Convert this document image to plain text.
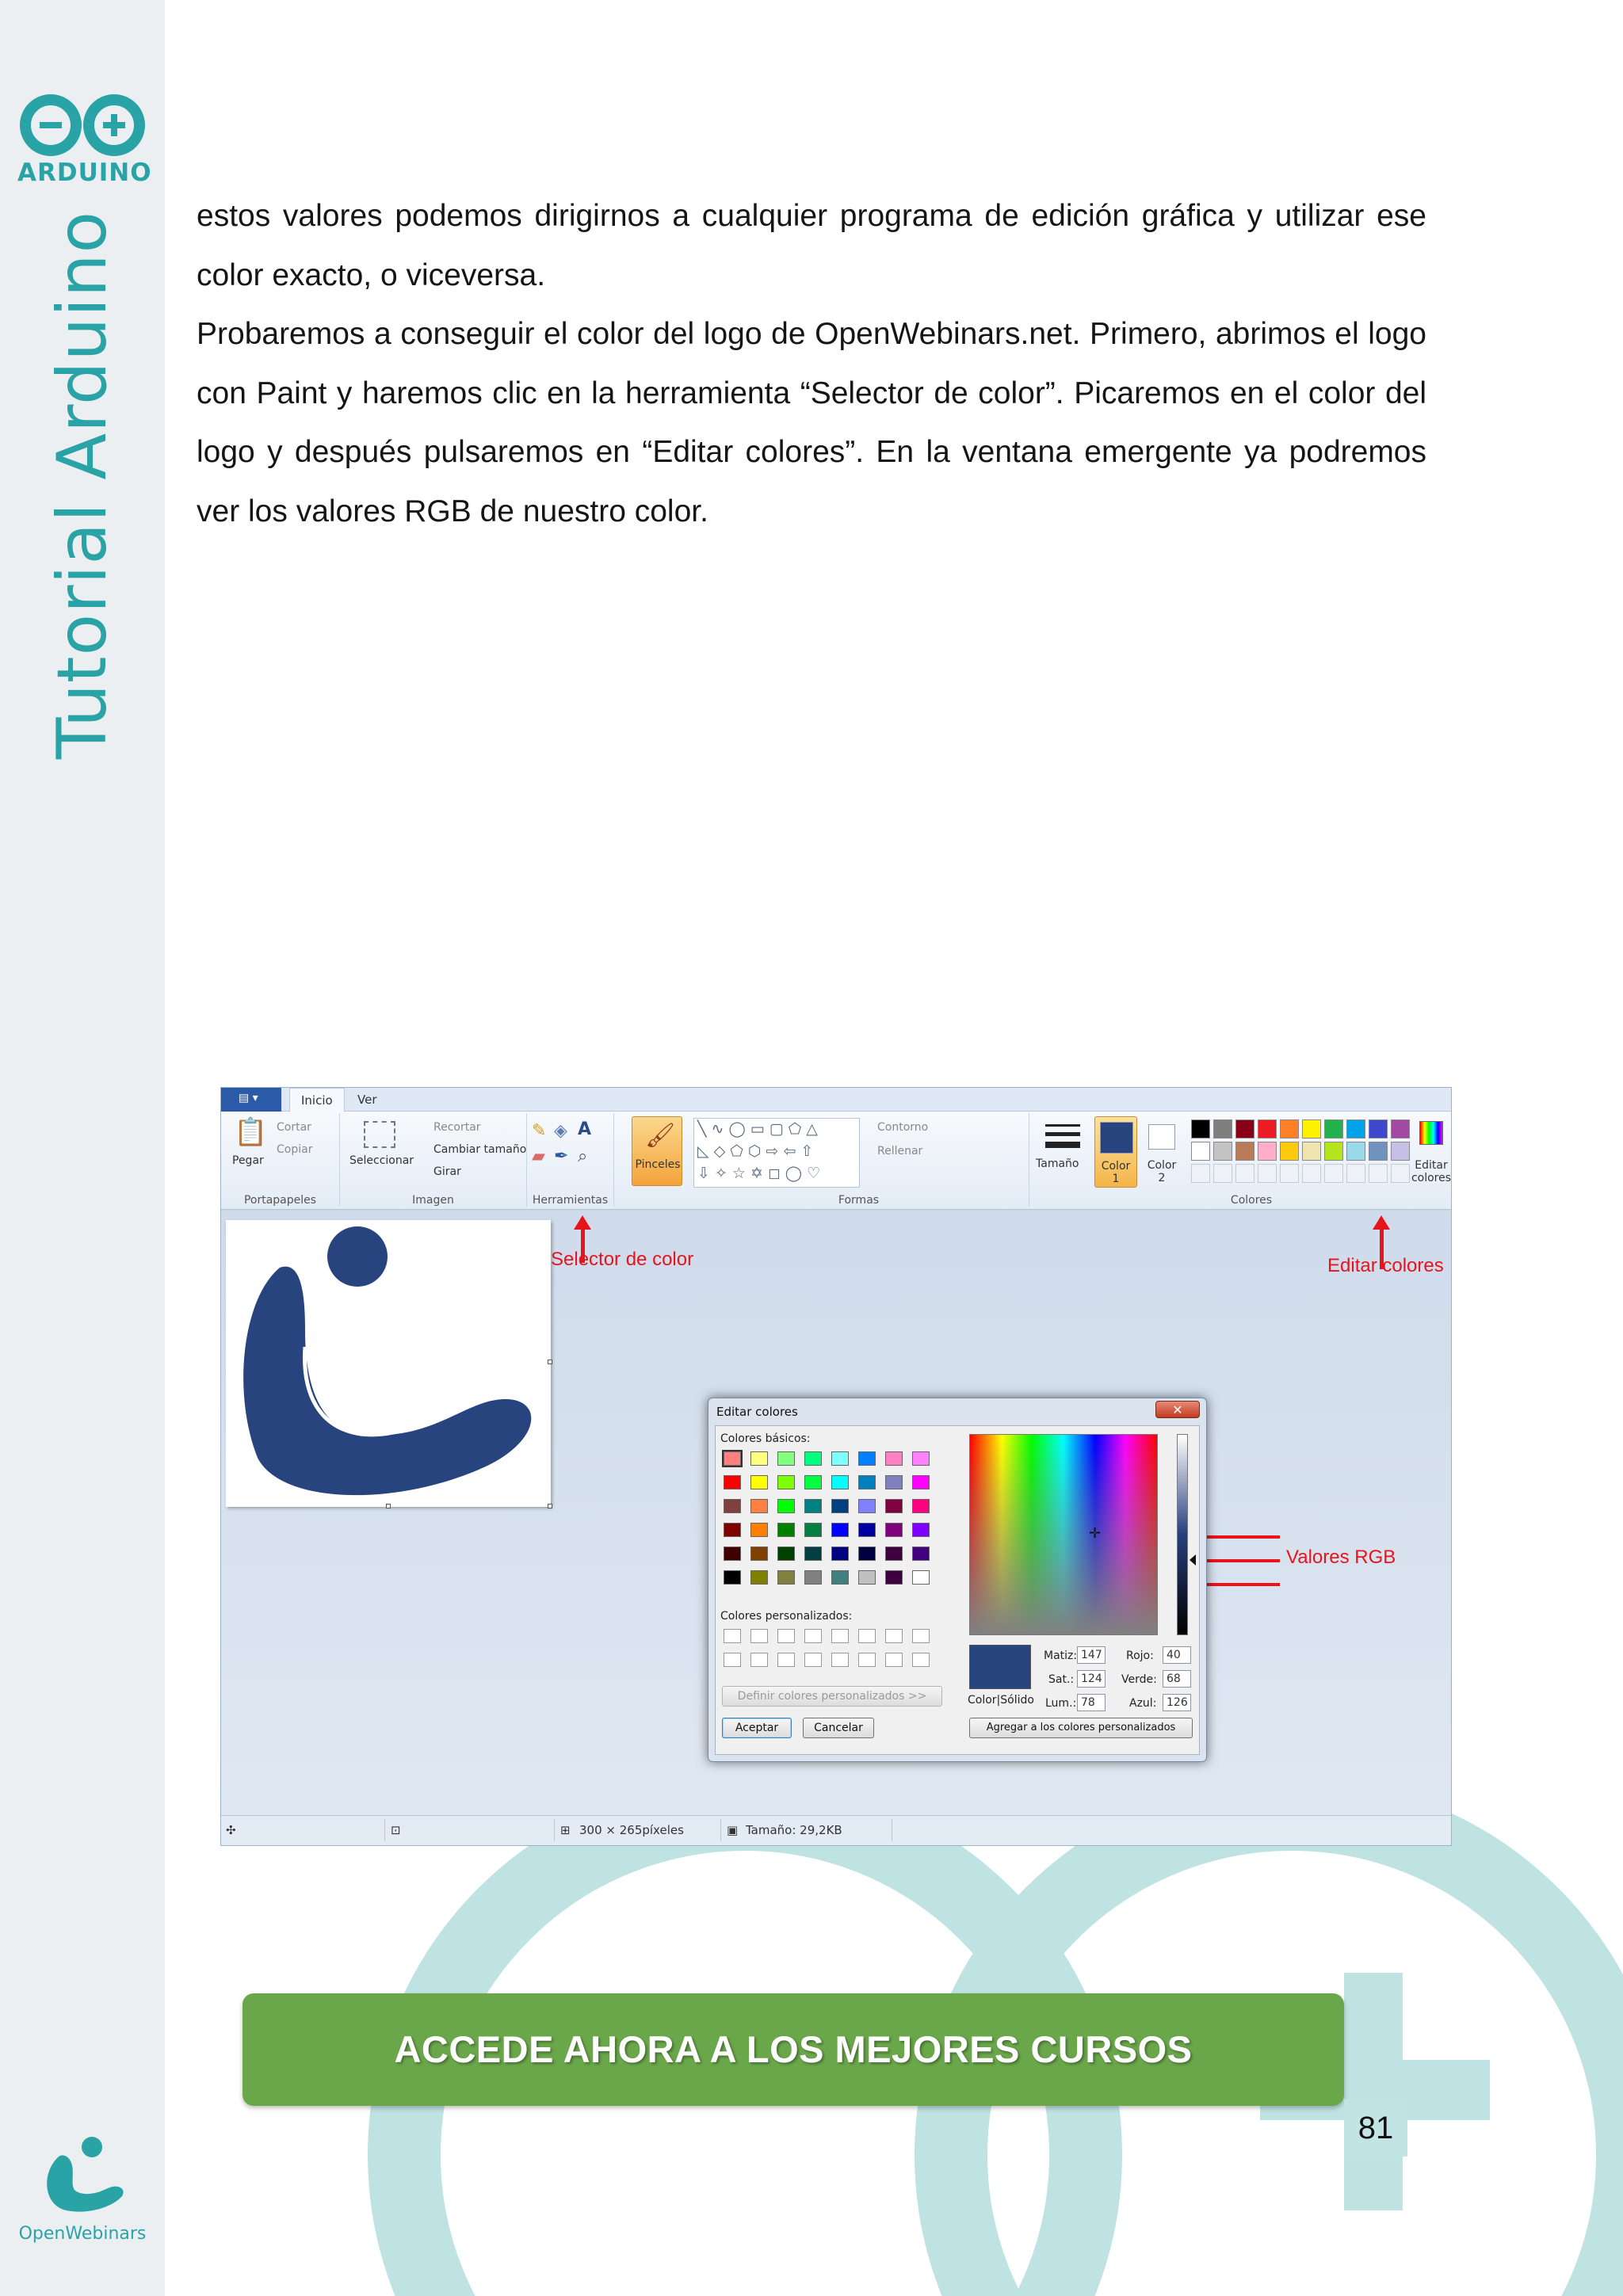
ARDUINO
Tutorial Arduino
OpenWebinars

estos valores podemos dirigirnos a cualquier programa de edición gráfica y utilizar ese color exacto, o viceversa.

Probaremos a conseguir el color del logo de OpenWebinars.net. Primero, abrimos el logo con Paint y haremos clic en la herramienta “Selector de color”. Picaremos en el color del logo y después pulsaremos en “Editar colores”. En la ventana emergente ya podremos ver los valores RGB de nuestro color.

▤ ▾
Inicio	Ver
📋
Pegar
Cortar
Copiar
Portapapeles
Seleccionar
Recortar
Cambiar tamaño
Girar
Imagen
✎ ◈ A
▰ ✒ ⌕
Herramientas
🖌
Pinceles
╲ ∿ ◯ ▭ ▢ ⬠ △
◺ ◇ ⬠ ⬡ ⇨ ⇦ ⇧
⇩ ✧ ☆ ✡ ◻ ◯ ♡
Contorno
Rellenar
Formas
Tamaño	Color
1
Color
2
Editar
colores
Colores
Selector de color	Editar colores
Valores RGB
Editar colores	✕
Colores básicos:
Colores personalizados:
Definir colores personalizados >>
Aceptar	Cancelar
✛
Color|Sólido
Matiz: 147
Sat.: 124
Lum.: 78
Rojo:	40
Verde: 68
Azul: 126
Agregar a los colores personalizados
✣	⊡	⊞ 300 × 265píxeles	▣ Tamaño: 29,2KB
ACCEDE AHORA A LOS MEJORES CURSOS
81
